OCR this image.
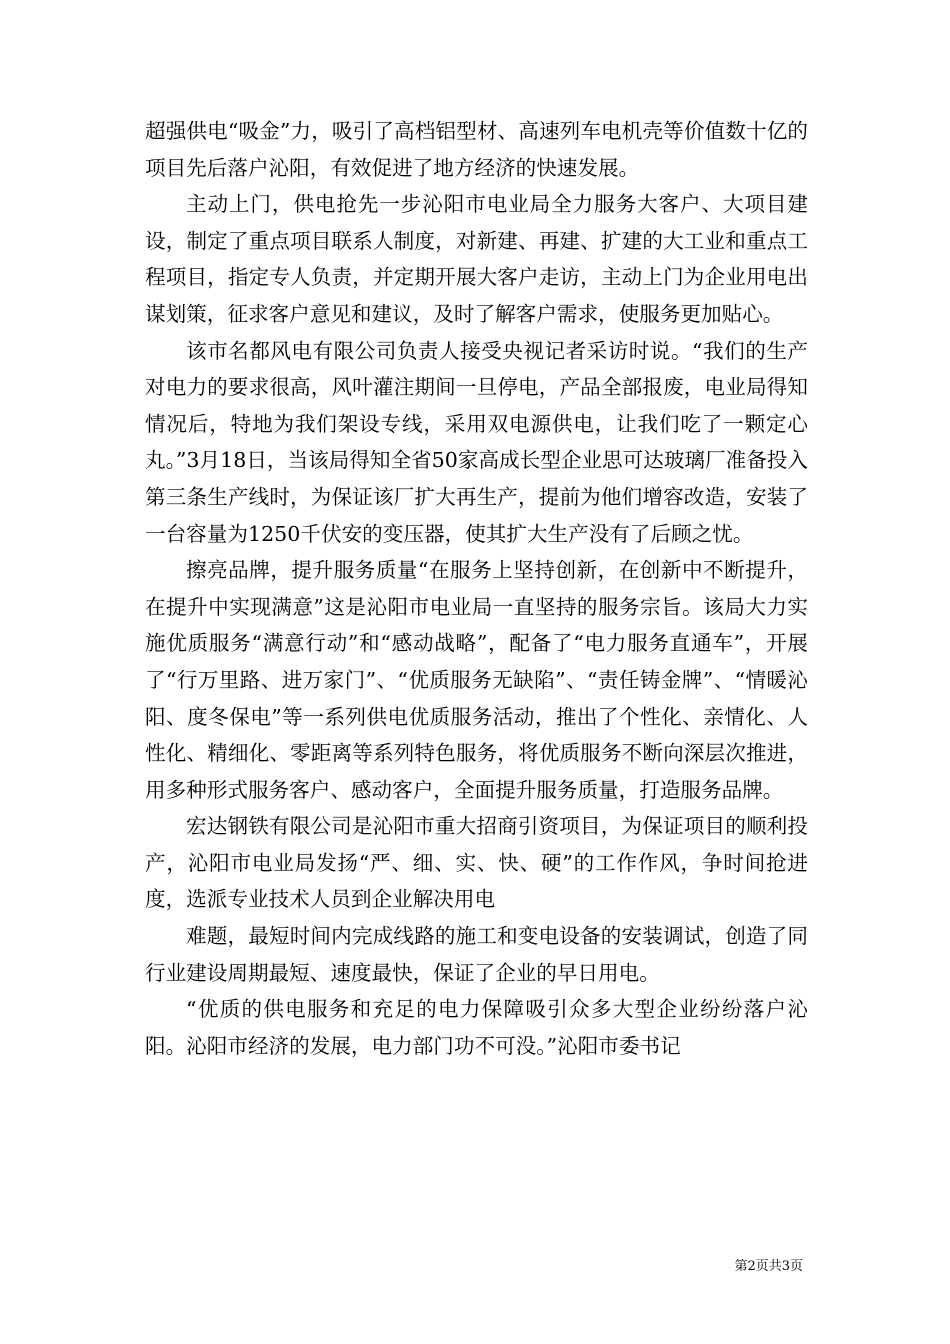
超强供电“吸金”力，吸引了高档铝型材、高速列车电机壳等价值数十亿的项目先后落户沁阳，有效促进了地方经济的快速发展。

主动上门，供电抢先一步沁阳市电业局全力服务大客户、大项目建设，制定了重点项目联系人制度，对新建、再建、扩建的大工业和重点工程项目，指定专人负责，并定期开展大客户走访，主动上门为企业用电出谋划策，征求客户意见和建议，及时了解客户需求，使服务更加贴心。

该市名都风电有限公司负责人接受央视记者采访时说。“我们的生产对电力的要求很高，风叶灌注期间一旦停电，产品全部报废，电业局得知情况后，特地为我们架设专线，采用双电源供电，让我们吃了一颗定心丸。”3月18日，当该局得知全省50家高成长型企业思可达玻璃厂准备投入第三条生产线时，为保证该厂扩大再生产，提前为他们增容改造，安装了一台容量为1250千伏安的变压器，使其扩大生产没有了后顾之忧。

擦亮品牌，提升服务质量“在服务上坚持创新，在创新中不断提升，在提升中实现满意”这是沁阳市电业局一直坚持的服务宗旨。该局大力实施优质服务“满意行动”和“感动战略”，配备了“电力服务直通车”，开展了“行万里路、进万家门”、“优质服务无缺陷”、“责任铸金牌”、“情暖沁阳、度冬保电”等一系列供电优质服务活动，推出了个性化、亲情化、人性化、精细化、零距离等系列特色服务，将优质服务不断向深层次推进，用多种形式服务客户、感动客户，全面提升服务质量，打造服务品牌。

宏达钢铁有限公司是沁阳市重大招商引资项目，为保证项目的顺利投产，沁阳市电业局发扬“严、细、实、快、硬”的工作作风，争时间抢进度，选派专业技术人员到企业解决用电

难题，最短时间内完成线路的施工和变电设备的安装调试，创造了同行业建设周期最短、速度最快，保证了企业的早日用电。

“优质的供电服务和充足的电力保障吸引众多大型企业纷纷落户沁阳。沁阳市经济的发展，电力部门功不可没。”沁阳市委书记

第2页共3页
